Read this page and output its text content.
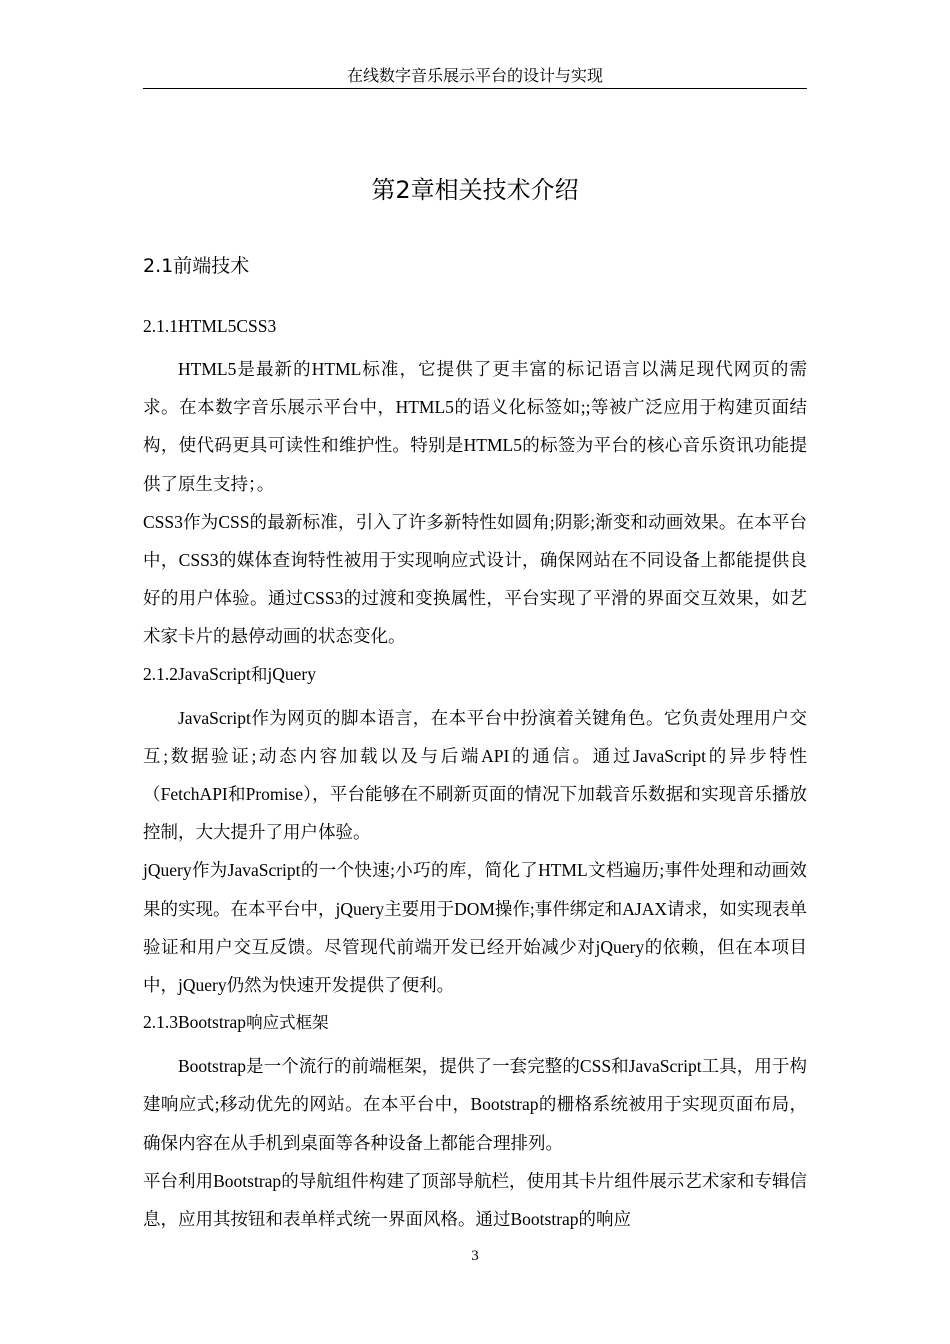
在线数字音乐展示平台的设计与实现
第2章相关技术介绍
2.1前端技术
2.1.1HTML5CSS3

HTML5是最新的HTML标准，它提供了更丰富的标记语言以满足现代网页的需求。在本数字音乐展示平台中，HTML5的语义化标签如;;等被广泛应用于构建页面结构，使代码更具可读性和维护性。特别是HTML5的标签为平台的核心音乐资讯功能提供了原生支持；。

CSS3作为CSS的最新标准，引入了许多新特性如圆角;阴影;渐变和动画效果。在本平台中，CSS3的媒体查询特性被用于实现响应式设计，确保网站在不同设备上都能提供良好的用户体验。通过CSS3的过渡和变换属性，平台实现了平滑的界面交互效果，如艺术家卡片的悬停动画的状态变化。

2.1.2JavaScript和jQuery

JavaScript作为网页的脚本语言，在本平台中扮演着关键角色。它负责处理用户交互;数据验证;动态内容加载以及与后端API的通信。通过JavaScript的异步特性（FetchAPI和Promise），平台能够在不刷新页面的情况下加载音乐数据和实现音乐播放控制，大大提升了用户体验。

jQuery作为JavaScript的一个快速;小巧的库，简化了HTML文档遍历;事件处理和动画效果的实现。在本平台中，jQuery主要用于DOM操作;事件绑定和AJAX请求，如实现表单验证和用户交互反馈。尽管现代前端开发已经开始减少对jQuery的依赖，但在本项目中，jQuery仍然为快速开发提供了便利。

2.1.3Bootstrap响应式框架

Bootstrap是一个流行的前端框架，提供了一套完整的CSS和JavaScript工具，用于构建响应式;移动优先的网站。在本平台中，Bootstrap的栅格系统被用于实现页面布局，确保内容在从手机到桌面等各种设备上都能合理排列。

平台利用Bootstrap的导航组件构建了顶部导航栏，使用其卡片组件展示艺术家和专辑信息，应用其按钮和表单样式统一界面风格。通过Bootstrap的响应

3
